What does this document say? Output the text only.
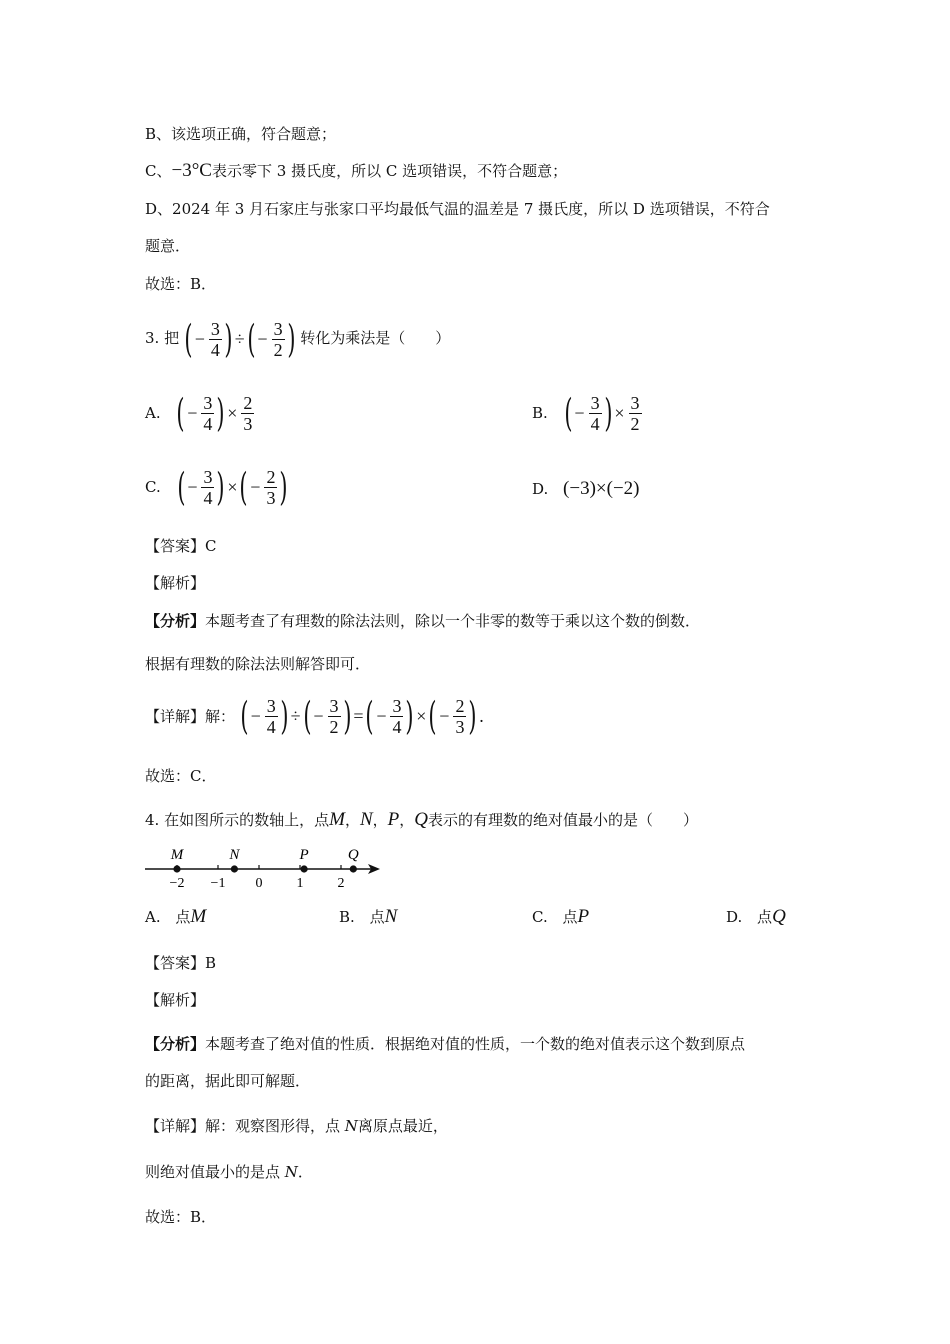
B、该选项正确，符合题意；
C、−3°C表示零下 3 摄氏度，所以 C 选项错误，不符合题意；
D、2024 年 3 月石家庄与张家口平均最低气温的温差是 7 摄氏度，所以 D 选项错误，不符合
题意．
故选：B．
3. 把 ( − $\frac{3}{4}$ ) ÷( − $\frac{3}{2}$ ) 转化为乘法是（　　）
A. ( − $\frac{3}{4}$ ) × $\frac{2}{3}$	B. ( − $\frac{3}{4}$ ) × $\frac{3}{2}$
C. ( − $\frac{3}{4}$ ) ×( − $\frac{2}{3}$ )	D. (−3)×(−2)
【答案】C
【解析】
【分析】本题考查了有理数的除法法则，除以一个非零的数等于乘以这个数的倒数．
根据有理数的除法法则解答即可．
【详解】解： ( − $\frac{3}{4}$ ) ÷( − $\frac{3}{2}$ ) =( − $\frac{3}{4}$ ) ×( − $\frac{2}{3}$ ) .
故选：C．
4. 在如图所示的数轴上，点M，N，P，Q表示的有理数的绝对值最小的是（　　）
−2 −1 0 1 2
M	N	P	Q
A. 点M	B. 点N	C. 点P	D. 点Q
【答案】B
【解析】
【分析】本题考查了绝对值的性质．根据绝对值的性质，一个数的绝对值表示这个数到原点
的距离，据此即可解题．
【详解】解：观察图形得，点 N离原点最近，
则绝对值最小的是点 N．
故选：B．
